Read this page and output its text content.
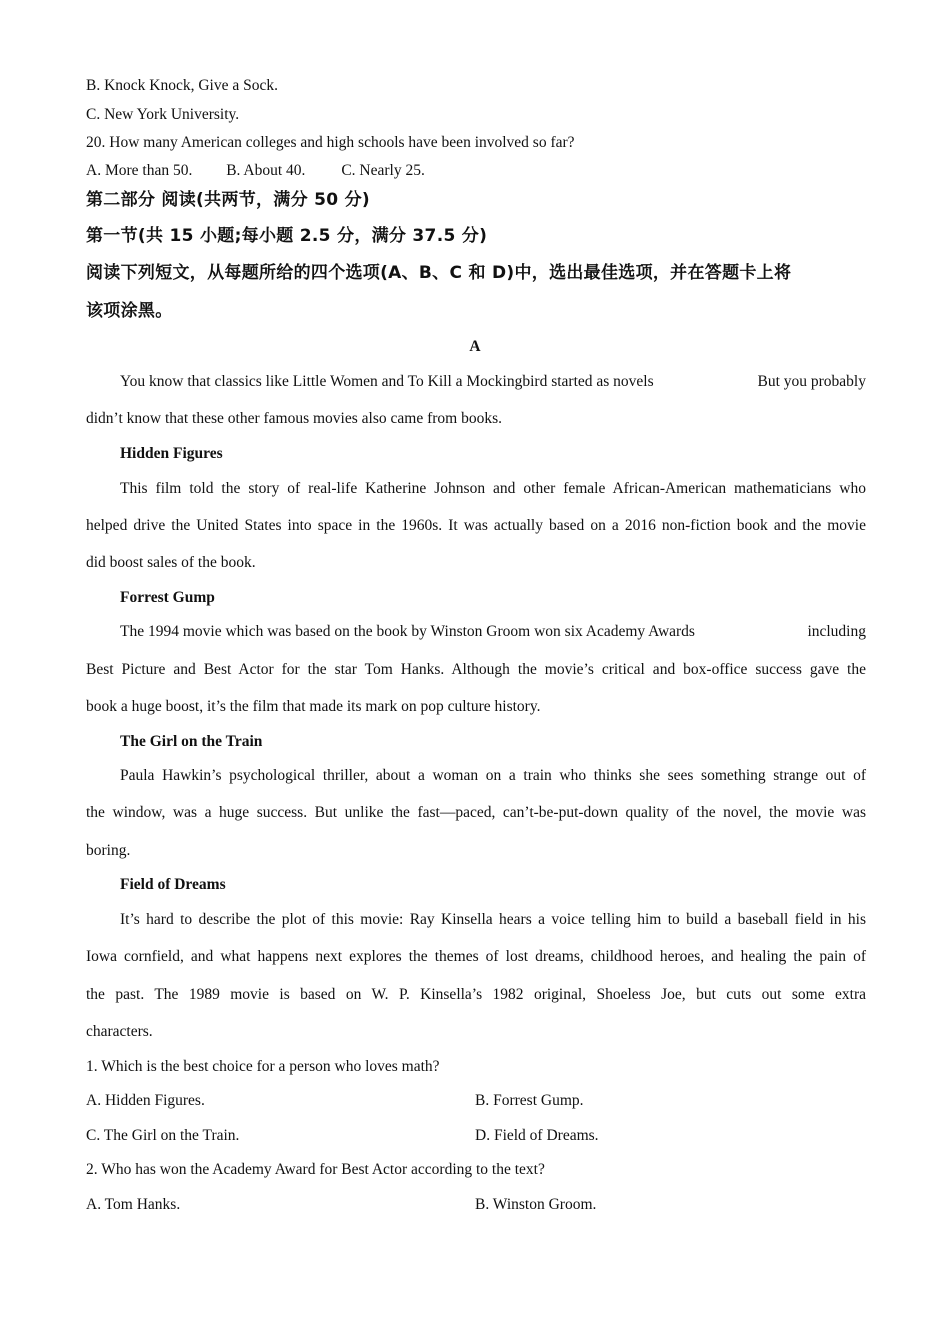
B. Knock Knock, Give a Sock.
C. New York University.
20. How many American colleges and high schools have been involved so far?
A. More than 50. B. About 40. C. Nearly 25.
第二部分 阅读(共两节，满分 50 分)
第一节(共 15 小题;每小题 2.5 分，满分 37.5 分)
阅读下列短文，从每题所给的四个选项(A、B、C 和 D)中，选出最佳选项，并在答题卡上将
该项涂黑。
A
You know that classics like Little Women and To Kill a Mockingbird started as novels	But you probably
didn’t know that these other famous movies also came from books.
Hidden Figures
This film told the story of real-life Katherine Johnson and other female African-American mathematicians who
helped drive the United States into space in the 1960s. It was actually based on a 2016 non-fiction book and the movie
did boost sales of the book.
Forrest Gump
The 1994 movie which was based on the book by Winston Groom won six Academy Awards	including
Best Picture and Best Actor for the star Tom Hanks. Although the movie’s critical and box-office success gave the
book a huge boost, it’s the film that made its mark on pop culture history.
The Girl on the Train
Paula Hawkin’s psychological thriller, about a woman on a train who thinks she sees something strange out of
the window, was a huge success. But unlike the fast—paced, can’t-be-put-down quality of the novel, the movie was
boring.
Field of Dreams
It’s hard to describe the plot of this movie: Ray Kinsella hears a voice telling him to build a baseball field in his
Iowa cornfield, and what happens next explores the themes of lost dreams, childhood heroes, and healing the pain of
the past. The 1989 movie is based on W. P. Kinsella’s 1982 original, Shoeless Joe, but cuts out some extra
characters.
1. Which is the best choice for a person who loves math?
A. Hidden Figures.	B. Forrest Gump.
C. The Girl on the Train.	D. Field of Dreams.
2. Who has won the Academy Award for Best Actor according to the text?
A. Tom Hanks.	B. Winston Groom.
